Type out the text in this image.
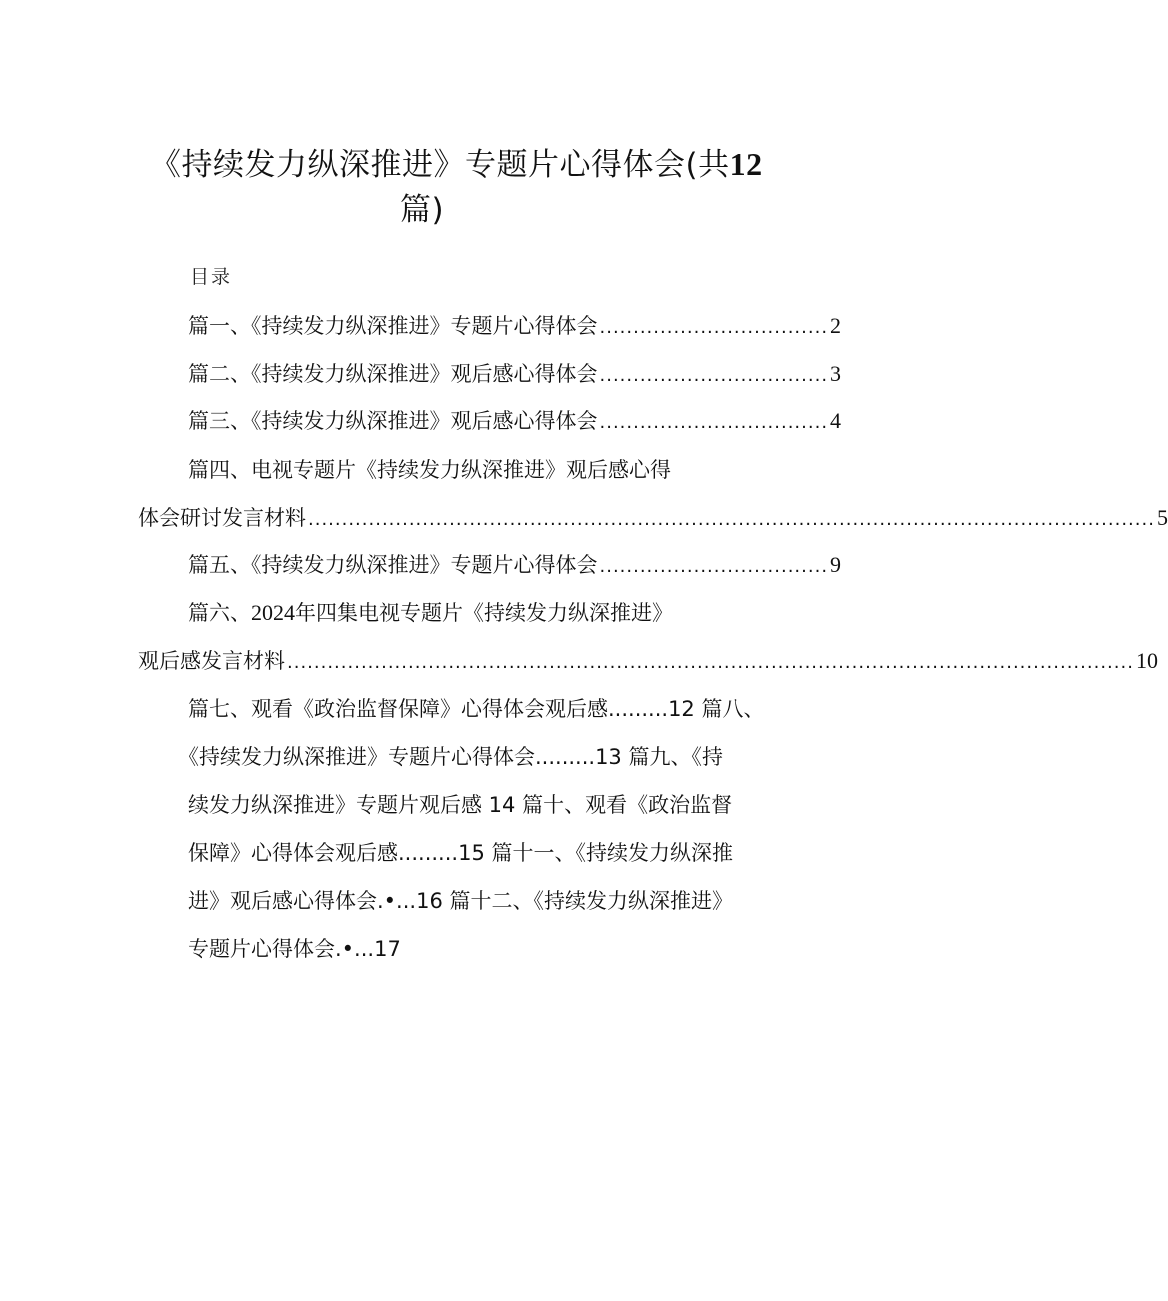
《持续发力纵深推进》专题片心得体会(共12
篇)
目录
篇一、《持续发力纵深推进》专题片心得体会 .................................. 2
篇二、《持续发力纵深推进》观后感心得体会 .................................. 3
篇三、《持续发力纵深推进》观后感心得体会 .................................. 4
篇四、电视专题片《持续发力纵深推进》观后感心得
体会研讨发言材料 .............................................................................................................................. 5
篇五、《持续发力纵深推进》专题片心得体会 .................................. 9
篇六、2024年四集电视专题片《持续发力纵深推进》
观后感发言材料 .............................................................................................................................. 10
篇七、观看《政治监督保障》心得体会观后感.........12 篇八、
《持续发力纵深推进》专题片心得体会.........13 篇九、《持
续发力纵深推进》专题片观后感 14 篇十、观看《政治监督
保障》心得体会观后感.........15 篇十一、《持续发力纵深推
进》观后感心得体会.•...16 篇十二、《持续发力纵深推进》
专题片心得体会.•...17
